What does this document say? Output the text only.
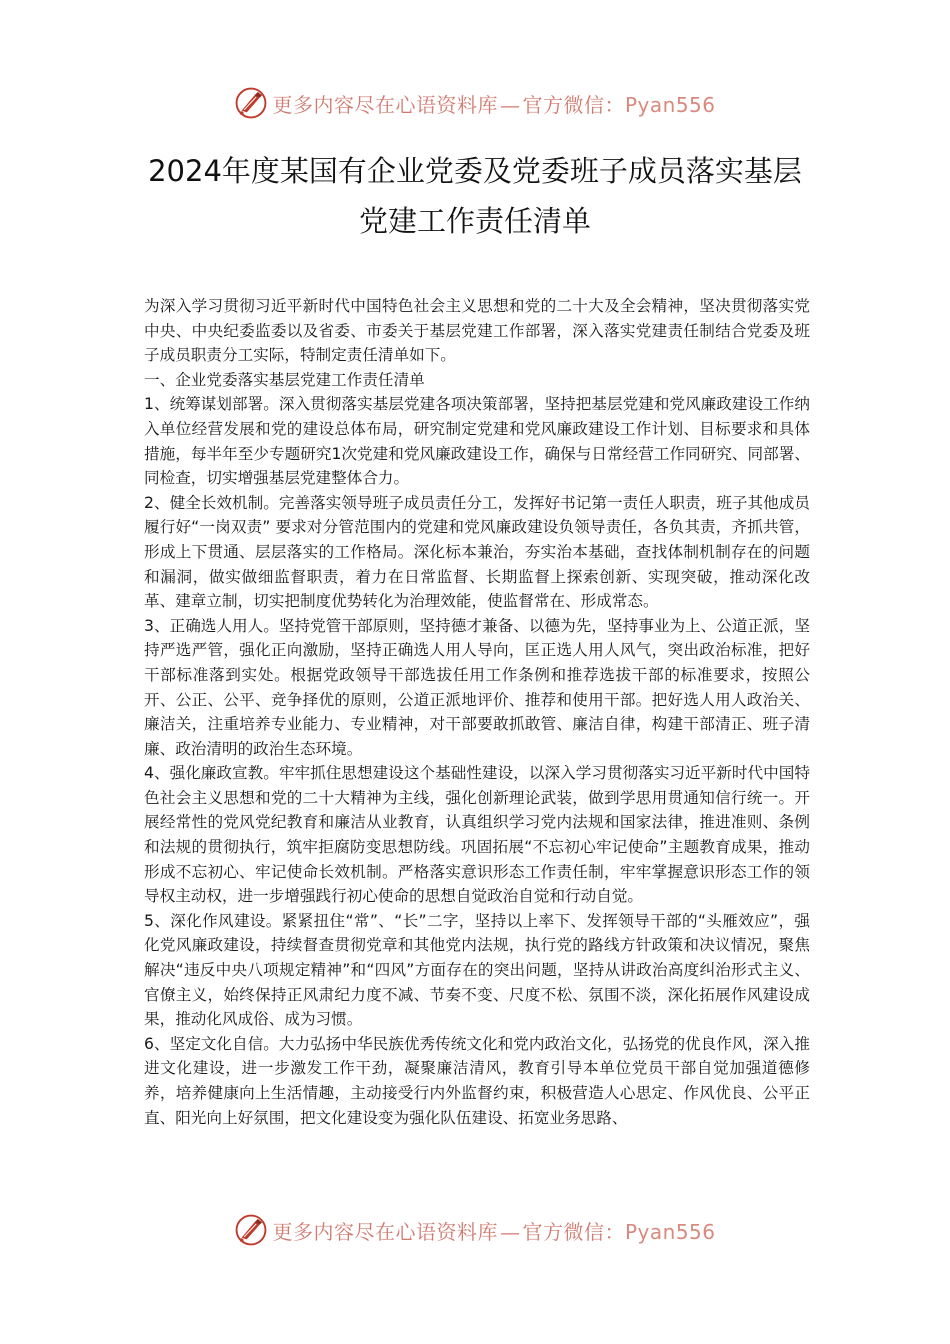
更多内容尽在心语资料库 — 官方微信：Pyan556
2024年度某国有企业党委及党委班子成员落实基层
党建工作责任清单

为深入学习贯彻习近平新时代中国特色社会主义思想和党的二十大及全会精神，坚决贯彻落实党中央、中央纪委监委以及省委、市委关于基层党建工作部署，深入落实党建责任制结合党委及班子成员职责分工实际，特制定责任清单如下。

一、企业党委落实基层党建工作责任清单

1、统筹谋划部署。深入贯彻落实基层党建各项决策部署，坚持把基层党建和党风廉政建设工作纳入单位经营发展和党的建设总体布局，研究制定党建和党风廉政建设工作计划、目标要求和具体措施，每半年至少专题研究1次党建和党风廉政建设工作，确保与日常经营工作同研究、同部署、同检查，切实增强基层党建整体合力。

2、健全长效机制。完善落实领导班子成员责任分工，发挥好书记第一责任人职责，班子其他成员履行好“一岗双责” 要求对分管范围内的党建和党风廉政建设负领导责任，各负其责，齐抓共管，形成上下贯通、层层落实的工作格局。深化标本兼治，夯实治本基础，查找体制机制存在的问题和漏洞，做实做细监督职责，着力在日常监督、长期监督上探索创新、实现突破，推动深化改革、建章立制，切实把制度优势转化为治理效能，使监督常在、形成常态。

3、正确选人用人。坚持党管干部原则，坚持德才兼备、以德为先，坚持事业为上、公道正派，坚持严选严管，强化正向激励，坚持正确选人用人导向，匡正选人用人风气，突出政治标准，把好干部标准落到实处。根据党政领导干部选拔任用工作条例和推荐选拔干部的标准要求，按照公开、公正、公平、竞争择优的原则，公道正派地评价、推荐和使用干部。把好选人用人政治关、廉洁关，注重培养专业能力、专业精神，对干部要敢抓敢管、廉洁自律，构建干部清正、班子清廉、政治清明的政治生态环境。

4、强化廉政宣教。牢牢抓住思想建设这个基础性建设，以深入学习贯彻落实习近平新时代中国特色社会主义思想和党的二十大精神为主线，强化创新理论武装，做到学思用贯通知信行统一。开展经常性的党风党纪教育和廉洁从业教育，认真组织学习党内法规和国家法律，推进准则、条例和法规的贯彻执行，筑牢拒腐防变思想防线。巩固拓展“不忘初心牢记使命”主题教育成果，推动形成不忘初心、牢记使命长效机制。严格落实意识形态工作责任制，牢牢掌握意识形态工作的领导权主动权，进一步增强践行初心使命的思想自觉政治自觉和行动自觉。

5、深化作风建设。紧紧扭住“常”、“长”二字，坚持以上率下、发挥领导干部的“头雁效应”，强化党风廉政建设，持续督查贯彻党章和其他党内法规，执行党的路线方针政策和决议情况，聚焦解决“违反中央八项规定精神”和“四风”方面存在的突出问题，坚持从讲政治高度纠治形式主义、官僚主义，始终保持正风肃纪力度不减、节奏不变、尺度不松、氛围不淡，深化拓展作风建设成果，推动化风成俗、成为习惯。

6、坚定文化自信。大力弘扬中华民族优秀传统文化和党内政治文化，弘扬党的优良作风，深入推进文化建设，进一步激发工作干劲，凝聚廉洁清风，教育引导本单位党员干部自觉加强道德修养，培养健康向上生活情趣，主动接受行内外监督约束，积极营造人心思定、作风优良、公平正直、阳光向上好氛围，把文化建设变为强化队伍建设、拓宽业务思路、

更多内容尽在心语资料库 — 官方微信：Pyan556
